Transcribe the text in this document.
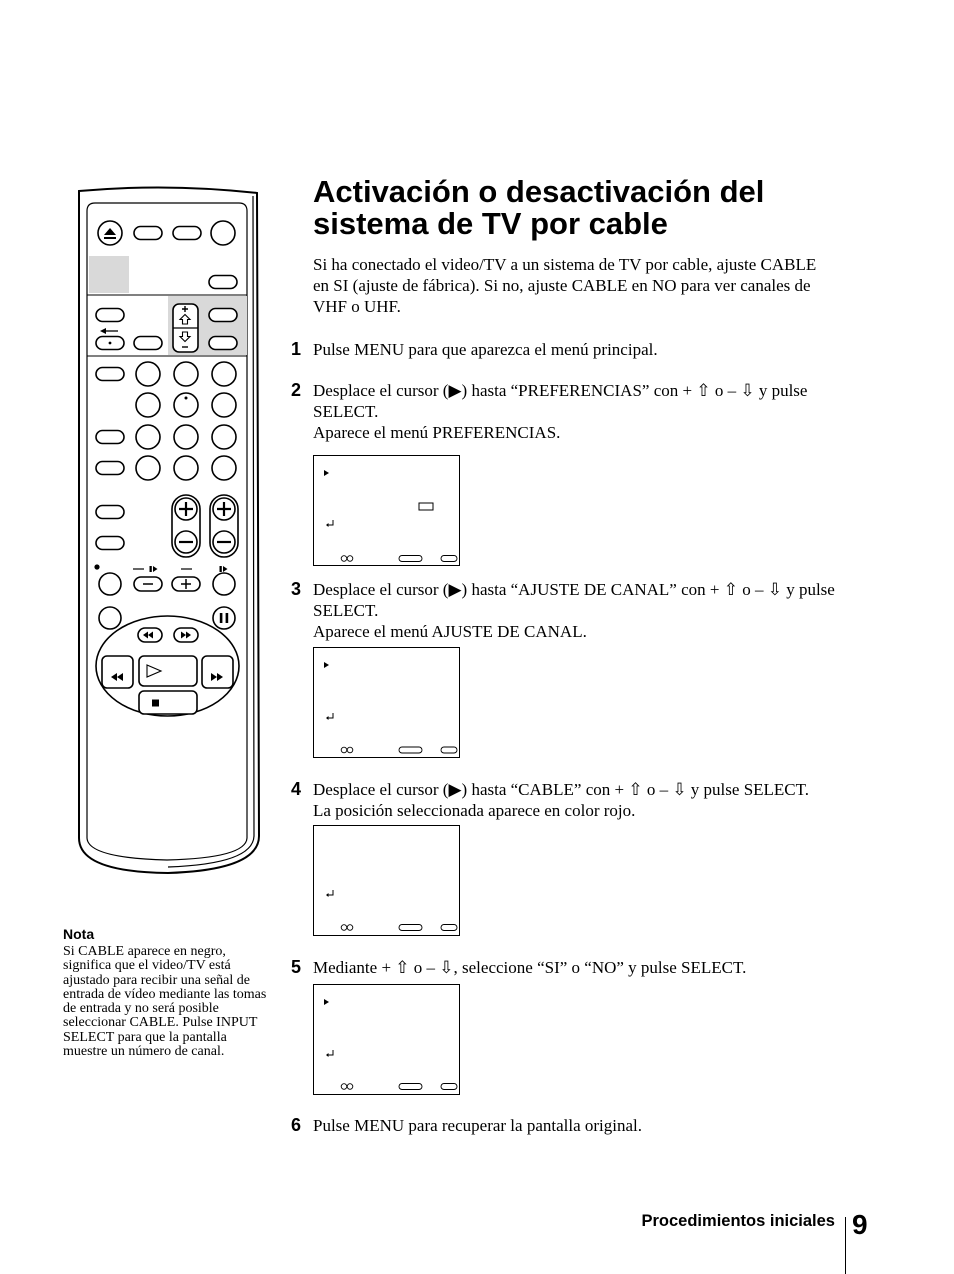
Activación o desactivación del sistema de TV por cable
Si ha conectado el video/TV a un sistema de TV por cable, ajuste CABLE
en SI (ajuste de fábrica). Si no, ajuste CABLE en NO para ver canales de
VHF o UHF.
1 Pulse MENU para que aparezca el menú principal.
2 Desplace el cursor (▶) hasta “PREFERENCIAS” con + ⇧ o – ⇩ y pulse
SELECT.
Aparece el menú PREFERENCIAS.
3 Desplace el cursor (▶) hasta “AJUSTE DE CANAL” con + ⇧ o – ⇩ y pulse
SELECT.
Aparece el menú AJUSTE DE CANAL.
4 Desplace el cursor (▶) hasta “CABLE” con + ⇧ o – ⇩ y pulse SELECT.
La posición seleccionada aparece en color rojo.
5 Mediante + ⇧ o – ⇩, seleccione “SI” o “NO” y pulse SELECT.
6 Pulse MENU para recuperar la pantalla original.
Nota
Si CABLE aparece en negro,
significa que el video/TV está
ajustado para recibir una señal de
entrada de vídeo mediante las tomas
de entrada y no será posible
seleccionar CABLE. Pulse INPUT
SELECT para que la pantalla
muestre un número de canal.
Procedimientos iniciales 9
